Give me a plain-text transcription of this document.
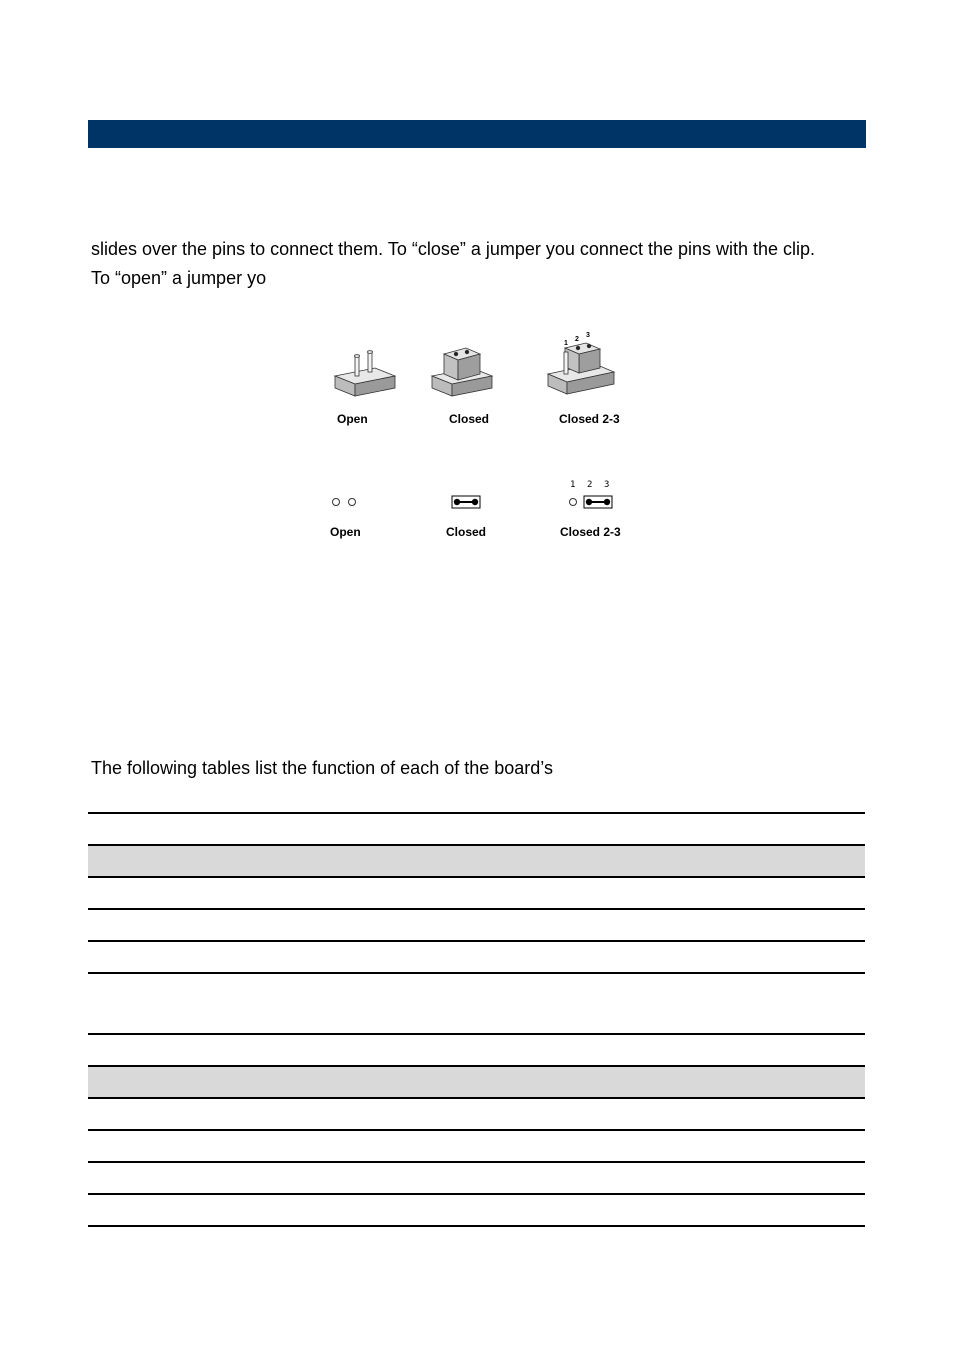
slides over the pins to connect them. To “close” a jumper you connect the pins with the clip.
To “open” a jumper yo
1
2
3
Open	Closed	Closed 2-3
1 2 3
Open	Closed	Closed 2-3
The following tables list the function of each of the board’s
